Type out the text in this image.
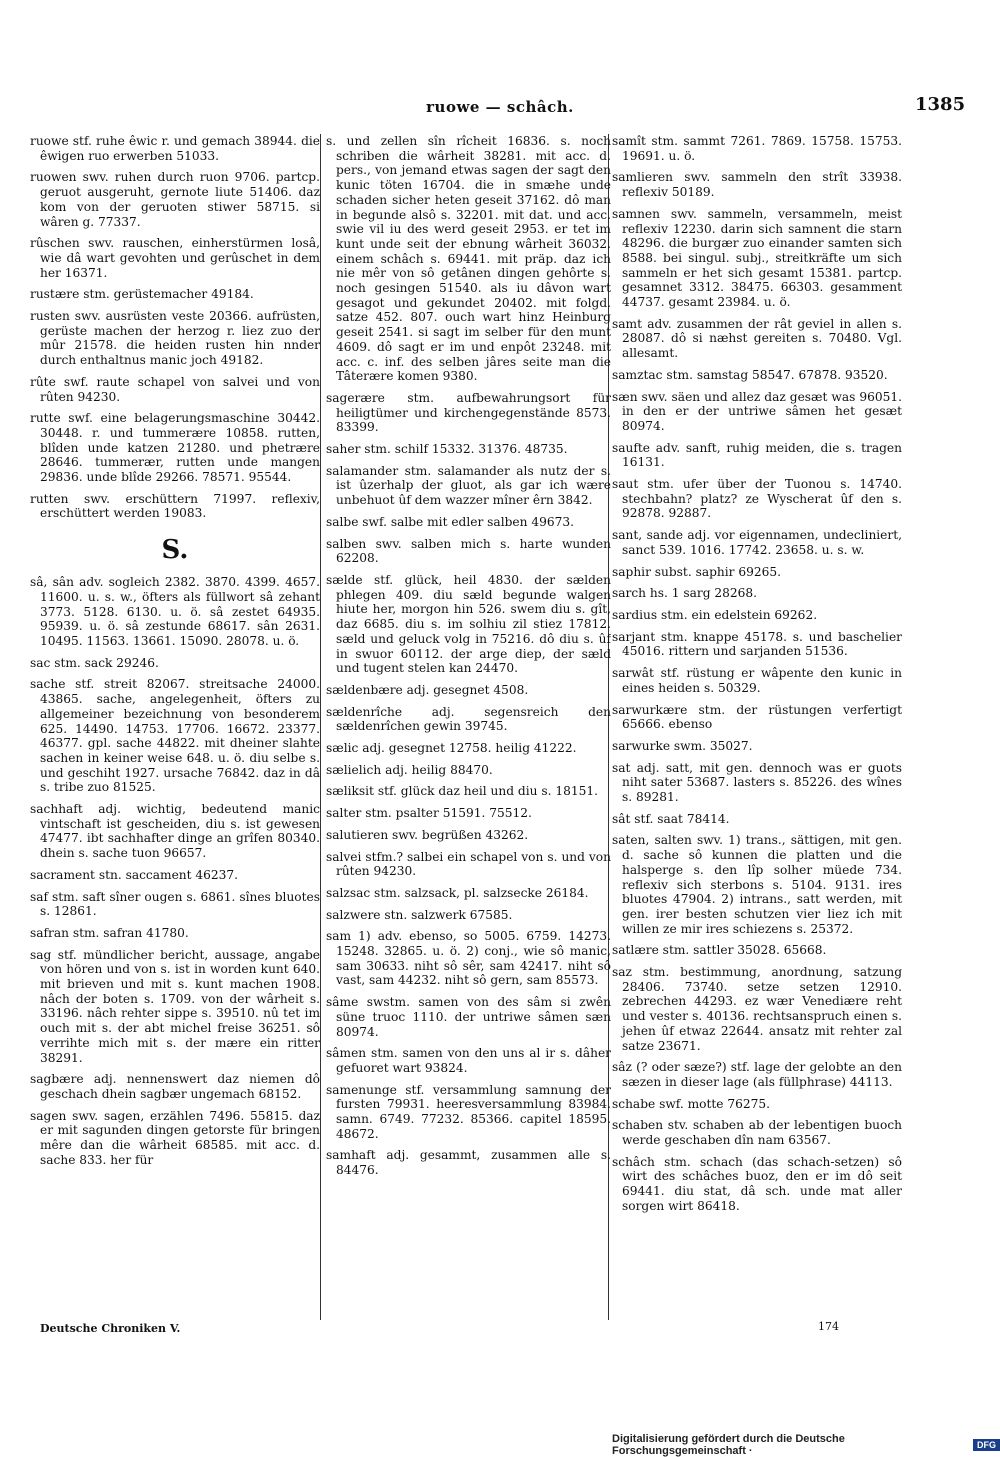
ruowe — schâch.	1385

ruowe stf. ruhe êwic r. und gemach 38944. die êwigen ruo erwerben 51033.

ruowen swv. ruhen durch ruon 9706. partcp. geruot ausgeruht, gernote liute 51406. daz kom von der geruoten stiwer 58715. si wâren g. 77337.

rûschen swv. rauschen, einherstürmen losâ, wie dâ wart gevohten und gerûschet in dem her 16371.

rustære stm. gerüstemacher 49184.

rusten swv. ausrüsten veste 20366. aufrüsten, gerüste machen der herzog r. liez zuo der mûr 21578. die heiden rusten hin nnder durch enthaltnus manic joch 49182.

rûte swf. raute schapel von salvei und von rûten 94230.

rutte swf. eine belagerungsmaschine 30442. 30448. r. und tummerære 10858. rutten, blîden unde katzen 21280. und phetrære 28646. tummerær, rutten unde mangen 29836. unde blîde 29266. 78571. 95544.

rutten swv. erschüttern 71997. reflexiv, erschüttert werden 19083.

S.

sâ, sân adv. sogleich 2382. 3870. 4399. 4657. 11600. u. s. w., öfters als füllwort sâ zehant 3773. 5128. 6130. u. ö. sâ zestet 64935. 95939. u. ö. sâ zestunde 68617. sân 2631. 10495. 11563. 13661. 15090. 28078. u. ö.

sac stm. sack 29246.

sache stf. streit 82067. streitsache 24000. 43865. sache, angelegenheit, öfters zu allgemeiner bezeichnung von besonderem 625. 14490. 14753. 17706. 16672. 23377. 46377. gpl. sache 44822. mit dheiner slahte sachen in keiner weise 648. u. ö. diu selbe s. und geschiht 1927. ursache 76842. daz in dâ s. tribe zuo 81525.

sachhaft adj. wichtig, bedeutend manic vintschaft ist gescheiden, diu s. ist gewesen 47477. ibt sachhafter dinge an grîfen 80340. dhein s. sache tuon 96657.

sacrament stn. saccament 46237.

saf stm. saft sîner ougen s. 6861. sînes bluotes s. 12861.

safran stm. safran 41780.

sag stf. mündlicher bericht, aussage, angabe von hören und von s. ist in worden kunt 640. mit brieven und mit s. kunt machen 1908. nâch der boten s. 1709. von der wârheit s. 33196. nâch rehter sippe s. 39510. nû tet im ouch mit s. der abt michel freise 36251. sô verrihte mich mit s. der mære ein ritter 38291.

sagbære adj. nennenswert daz niemen dô geschach dhein sagbær ungemach 68152.

sagen swv. sagen, erzählen 7496. 55815. daz er mit sagunden dingen getorste für bringen mêre dan die wârheit 68585. mit acc. d. sache 833. her für

s. und zellen sîn rîcheit 16836. s. noch schriben die wârheit 38281. mit acc. d. pers., von jemand etwas sagen der sagt den kunic töten 16704. die in smæhe unde schaden sicher heten geseit 37162. dô man in begunde alsô s. 32201. mit dat. und acc. swie vil iu des werd geseit 2953. er tet im kunt unde seit der ebnung wârheit 36032. einem schâch s. 69441. mit präp. daz ich nie mêr von sô getânen dingen gehôrte s. noch gesingen 51540. als iu dâvon wart gesagot und gekundet 20402. mit folgd. satze 452. 807. ouch wart hinz Heinburg geseit 2541. si sagt im selber für den munt 4609. dô sagt er im und enpôt 23248. mit acc. c. inf. des selben jâres seite man die Tâterære komen 9380.

sagerære stm. aufbewahrungsort für heiligtümer und kirchengegenstände 8573. 83399.

saher stm. schilf 15332. 31376. 48735.

salamander stm. salamander als nutz der s. ist ûzerhalp der gluot, als gar ich wære unbehuot ûf dem wazzer mîner êrn 3842.

salbe swf. salbe mit edler salben 49673.

salben swv. salben mich s. harte wunden 62208.

sælde stf. glück, heil 4830. der sælden phlegen 409. diu sæld begunde walgen hiute her, morgon hin 526. swem diu s. gît, daz 6685. diu s. im solhiu zil stiez 17812. sæld und geluck volg in 75216. dô diu s. ûf in swuor 60112. der arge diep, der sæld und tugent stelen kan 24470.

sældenbære adj. gesegnet 4508.

sældenrîche adj. segensreich den sældenrîchen gewin 39745.

sælic adj. gesegnet 12758. heilig 41222.

sælielich adj. heilig 88470.

sæliksit stf. glück daz heil und diu s. 18151.

salter stm. psalter 51591. 75512.

salutieren swv. begrüßen 43262.

salvei stfm.? salbei ein schapel von s. und von rûten 94230.

salzsac stm. salzsack, pl. salzsecke 26184.

salzwere stn. salzwerk 67585.

sam 1) adv. ebenso, so 5005. 6759. 14273. 15248. 32865. u. ö. 2) conj., wie sô manic, sam 30633. niht sô sêr, sam 42417. niht sô vast, sam 44232. niht sô gern, sam 85573.

sâme swstm. samen von des sâm si zwên süne truoc 1110. der untriwe sâmen sæn 80974.

sâmen stm. samen von den uns al ir s. dâher gefuoret wart 93824.

samenunge stf. versammlung samnung der fursten 79931. heeresversammlung 83984. samn. 6749. 77232. 85366. capitel 18595. 48672.

samhaft adj. gesammt, zusammen alle s. 84476.

samît stm. sammt 7261. 7869. 15758. 15753. 19691. u. ö.

samlieren swv. sammeln den strît 33938. reflexiv 50189.

samnen swv. sammeln, versammeln, meist reflexiv 12230. darin sich samnent die starn 48296. die burgær zuo einander samten sich 8588. bei singul. subj., streitkräfte um sich sammeln er het sich gesamt 15381. partcp. gesamnet 3312. 38475. 66303. gesamment 44737. gesamt 23984. u. ö.

samt adv. zusammen der rât geviel in allen s. 28087. dô si næhst gereiten s. 70480. Vgl. allesamt.

samztac stm. samstag 58547. 67878. 93520.

sæn swv. säen und allez daz gesæt was 96051. in den er der untriwe sâmen het gesæt 80974.

saufte adv. sanft, ruhig meiden, die s. tragen 16131.

saut stm. ufer über der Tuonou s. 14740. stechbahn? platz? ze Wyscherat ûf den s. 92878. 92887.

sant, sande adj. vor eigennamen, undecliniert, sanct 539. 1016. 17742. 23658. u. s. w.

saphir subst. saphir 69265.

sarch hs. 1 sarg 28268.

sardius stm. ein edelstein 69262.

sarjant stm. knappe 45178. s. und baschelier 45016. rittern und sarjanden 51536.

sarwât stf. rüstung er wâpente den kunic in eines heiden s. 50329.

sarwurkære stm. der rüstungen verfertigt 65666. ebenso

sarwurke swm. 35027.

sat adj. satt, mit gen. dennoch was er guots niht sater 53687. lasters s. 85226. des wînes s. 89281.

sât stf. saat 78414.

saten, salten swv. 1) trans., sättigen, mit gen. d. sache sô kunnen die platten und die halsperge s. den lîp solher müede 734. reflexiv sich sterbons s. 5104. 9131. ires bluotes 47904. 2) intrans., satt werden, mit gen. irer besten schutzen vier liez ich mit willen ze mir ires schiezens s. 25372.

satlære stm. sattler 35028. 65668.

saz stm. bestimmung, anordnung, satzung 28406. 73740. setze setzen 12910. zebrechen 44293. ez wær Venediære reht und vester s. 40136. rechtsanspruch einen s. jehen ûf etwaz 22644. ansatz mit rehter zal satze 23671.

sâz (? oder sæze?) stf. lage der gelobte an den sæzen in dieser lage (als füllphrase) 44113.

schabe swf. motte 76275.

schaben stv. schaben ab der lebentigen buoch werde geschaben dîn nam 63567.

schâch stm. schach (das schach-setzen) sô wirt des schâches buoz, den er im dô seit 69441. diu stat, dâ sch. unde mat aller sorgen wirt 86418.

Deutsche Chroniken V.	174
Digitalisierung gefördert durch die Deutsche Forschungsgemeinschaft ·	DFG
